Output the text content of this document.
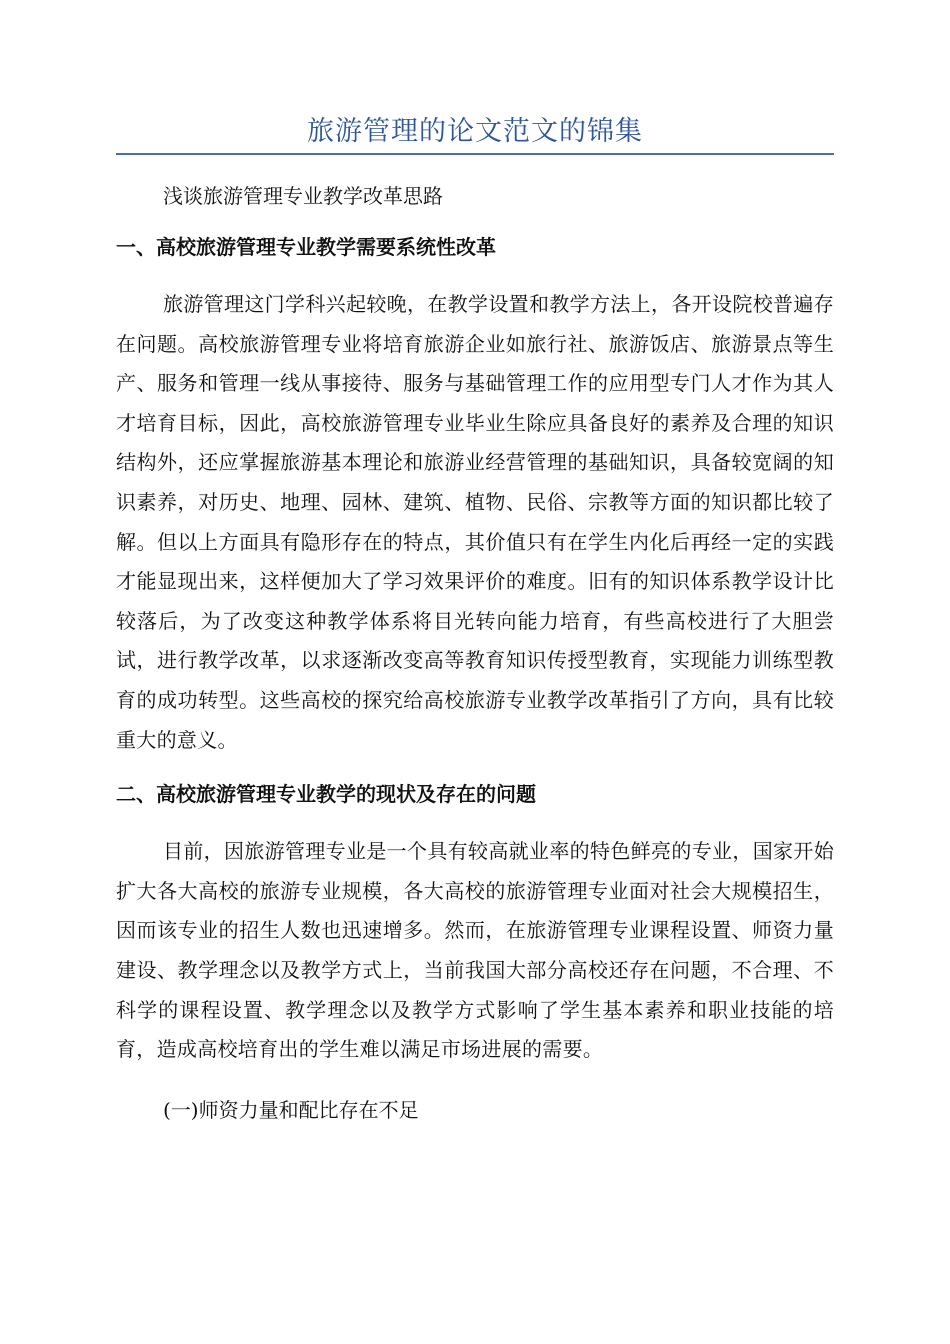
旅游管理的论文范文的锦集

浅谈旅游管理专业教学改革思路

一、高校旅游管理专业教学需要系统性改革

旅游管理这门学科兴起较晚，在教学设置和教学方法上，各开设院校普遍存在问题。高校旅游管理专业将培育旅游企业如旅行社、旅游饭店、旅游景点等生产、服务和管理一线从事接待、服务与基础管理工作的应用型专门人才作为其人才培育目标，因此，高校旅游管理专业毕业生除应具备良好的素养及合理的知识结构外，还应掌握旅游基本理论和旅游业经营管理的基础知识，具备较宽阔的知识素养，对历史、地理、园林、建筑、植物、民俗、宗教等方面的知识都比较了解。但以上方面具有隐形存在的特点，其价值只有在学生内化后再经一定的实践才能显现出来，这样便加大了学习效果评价的难度。旧有的知识体系教学设计比较落后，为了改变这种教学体系将目光转向能力培育，有些高校进行了大胆尝试，进行教学改革，以求逐渐改变高等教育知识传授型教育，实现能力训练型教育的成功转型。这些高校的探究给高校旅游专业教学改革指引了方向，具有比较重大的意义。

二、高校旅游管理专业教学的现状及存在的问题

目前，因旅游管理专业是一个具有较高就业率的特色鲜亮的专业，国家开始扩大各大高校的旅游专业规模，各大高校的旅游管理专业面对社会大规模招生，因而该专业的招生人数也迅速增多。然而，在旅游管理专业课程设置、师资力量建设、教学理念以及教学方式上，当前我国大部分高校还存在问题，不合理、不科学的课程设置、教学理念以及教学方式影响了学生基本素养和职业技能的培育，造成高校培育出的学生难以满足市场进展的需要。

(一)师资力量和配比存在不足
